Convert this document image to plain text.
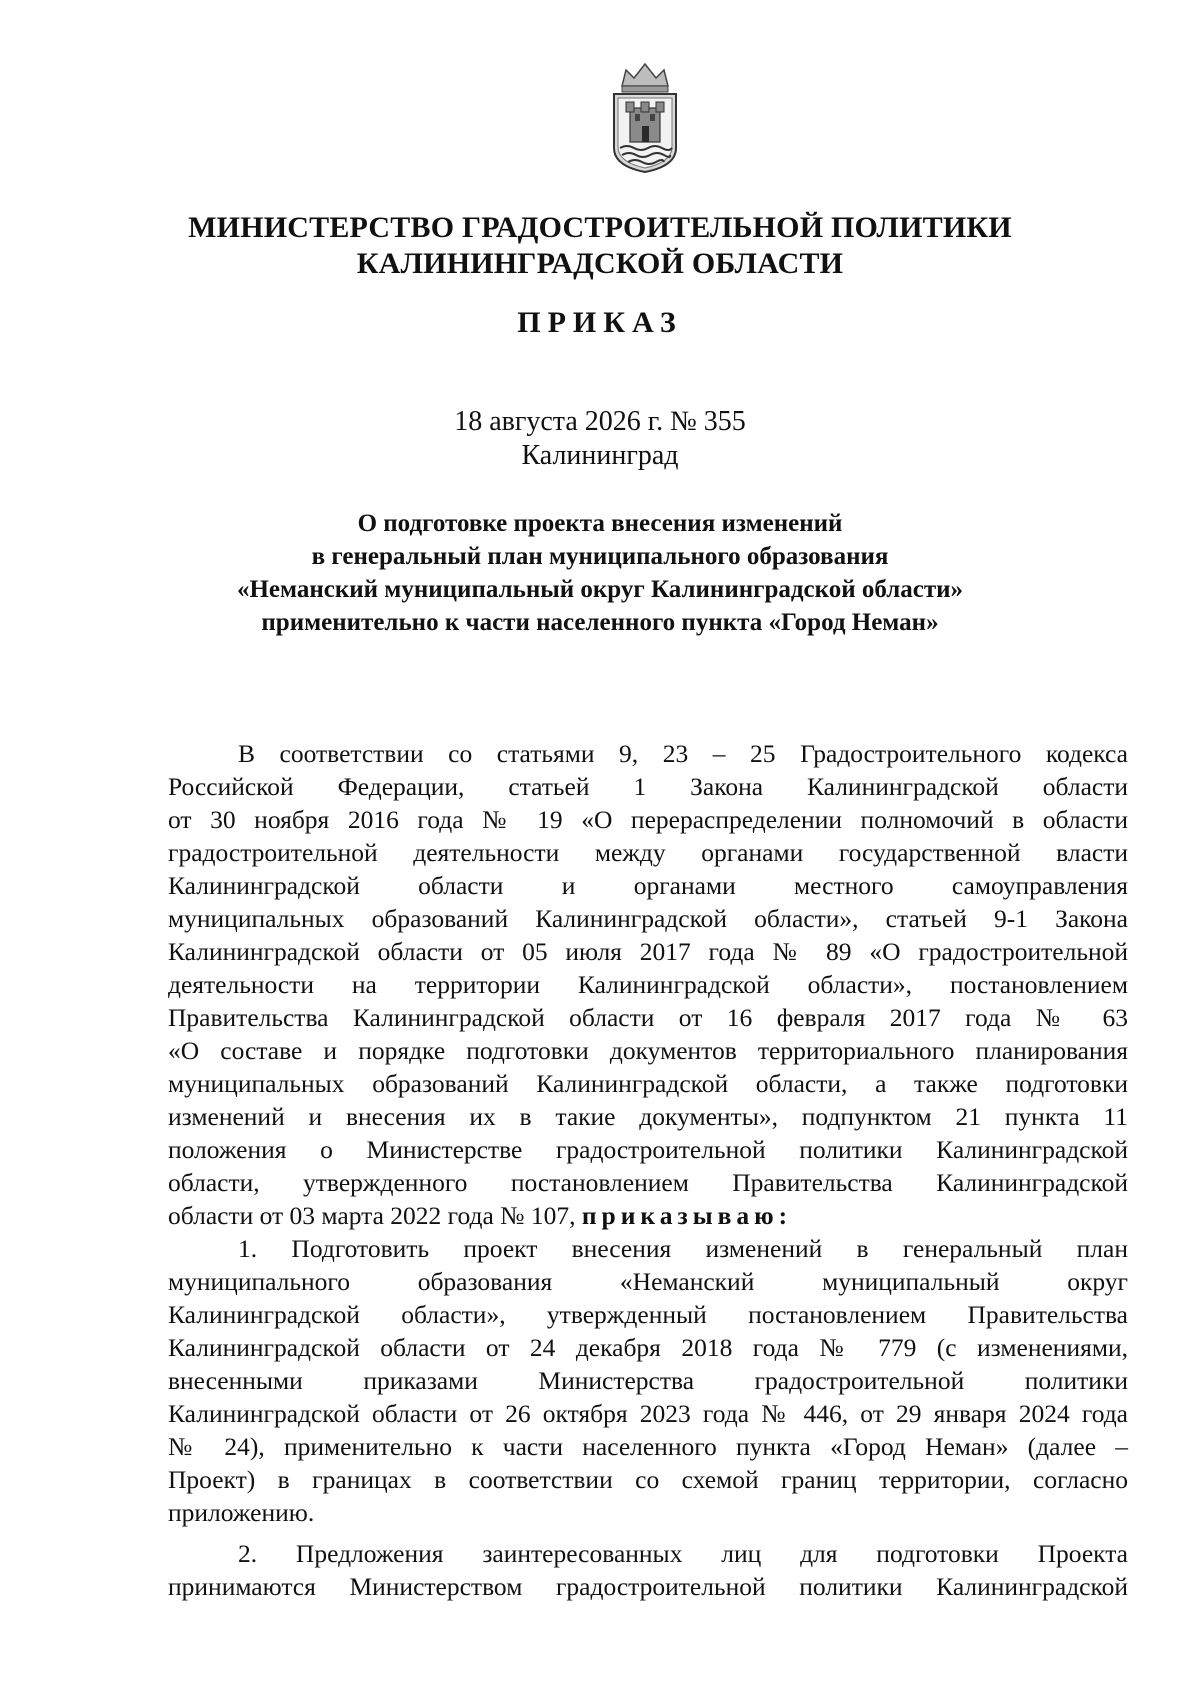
МИНИСТЕРСТВО ГРАДОСТРОИТЕЛЬНОЙ ПОЛИТИКИ
КАЛИНИНГРАДСКОЙ ОБЛАСТИ
ПРИКАЗ
18 августа 2026 г. № 355
Калининград
О подготовке проекта внесения изменений
в генеральный план муниципального образования
«Неманский муниципальный округ Калининградской области»
применительно к части населенного пункта «Город Неман»
В соответствии со статьями 9, 23 – 25 Градостроительного кодекса
Российской Федерации, статьей 1 Закона Калининградской области
от 30 ноября 2016 года № 19 «О перераспределении полномочий в области
градостроительной деятельности между органами государственной власти
Калининградской области и органами местного самоуправления
муниципальных образований Калининградской области», статьей 9-1 Закона
Калининградской области от 05 июля 2017 года № 89 «О градостроительной
деятельности на территории Калининградской области», постановлением
Правительства Калининградской области от 16 февраля 2017 года № 63
«О составе и порядке подготовки документов территориального планирования
муниципальных образований Калининградской области, а также подготовки
изменений и внесения их в такие документы», подпунктом 21 пункта 11
положения о Министерстве градостроительной политики Калининградской
области, утвержденного постановлением Правительства Калининградской
области от 03 марта 2022 года № 107, приказываю:
1. Подготовить проект внесения изменений в генеральный план
муниципального образования «Неманский муниципальный округ
Калининградской области», утвержденный постановлением Правительства
Калининградской области от 24 декабря 2018 года № 779 (с изменениями,
внесенными приказами Министерства градостроительной политики
Калининградской области от 26 октября 2023 года № 446, от 29 января 2024 года
№ 24), применительно к части населенного пункта «Город Неман» (далее –
Проект) в границах в соответствии со схемой границ территории, согласно
приложению.
2. Предложения заинтересованных лиц для подготовки Проекта
принимаются Министерством градостроительной политики Калининградской
